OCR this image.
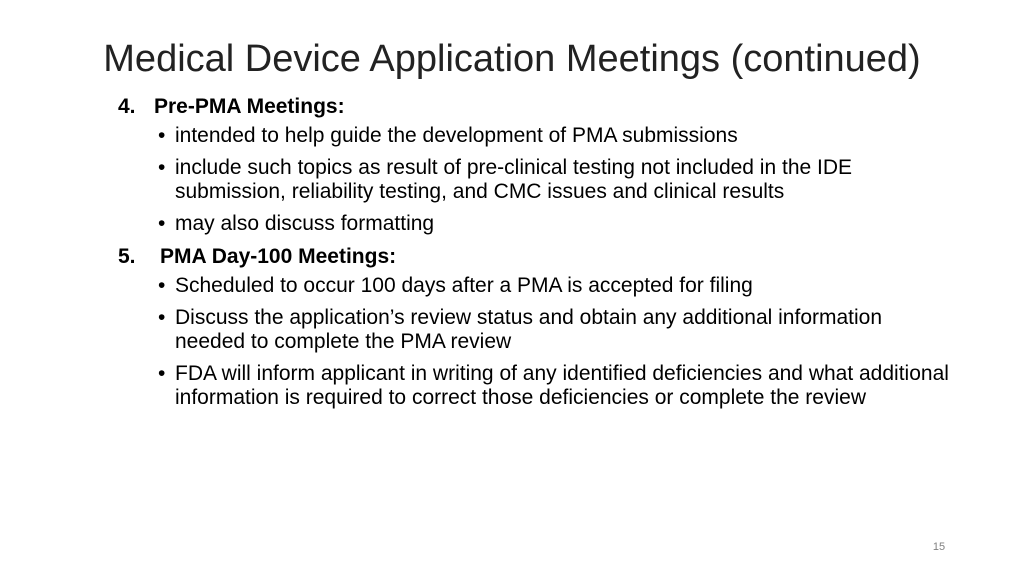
Medical Device Application Meetings (continued)
4. Pre-PMA Meetings:
• intended to help guide the development of PMA submissions
• include such topics as result of pre-clinical testing not included in the IDE submission, reliability testing, and CMC issues and clinical results
• may also discuss formatting
5. PMA Day-100 Meetings:
• Scheduled to occur 100 days after a PMA is accepted for filing
• Discuss the application’s review status and obtain any additional information needed to complete the PMA review
• FDA will inform applicant in writing of any identified deficiencies and what additional information is required to correct those deficiencies or complete the review
15
